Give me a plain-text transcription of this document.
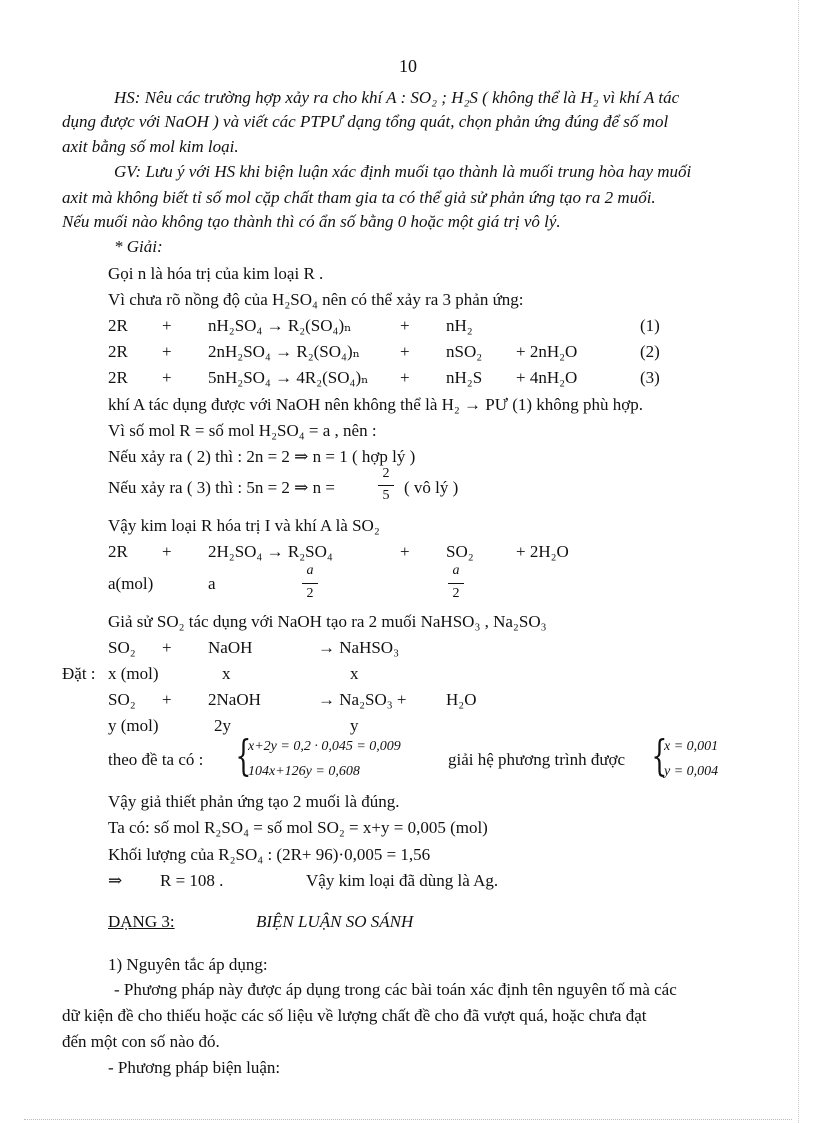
10
HS: Nêu các trường hợp xảy ra cho khí A : SO₂ ; H₂S ( không thể là H₂ vì khí A tác
dụng được với NaOH ) và viết các PTPƯ dạng tổng quát, chọn phản ứng đúng để số mol
axit bằng số mol kim loại.
GV: Lưu ý với HS khi biện luận xác định muối tạo thành là muối trung hòa hay muối
axit mà không biết tỉ số mol cặp chất tham gia ta có thể giả sử phản ứng tạo ra 2 muối.
Nếu muối nào không tạo thành thì có ẩn số bằng 0 hoặc một giá trị vô lý.
* Giải:
Gọi n là hóa trị của kim loại R .
Vì chưa rõ nồng độ của H₂SO₄ nên có thể xảy ra 3 phản ứng:
2R + nH₂SO₄ → R₂(SO₄)ₙ	+ nH₂	(1)
2R + 2nH₂SO₄ → R₂(SO₄)ₙ + nSO₂ + 2nH₂O	(2)
2R + 5nH₂SO₄ → 4R₂(SO₄)ₙ + nH₂S + 4nH₂O	(3)
khí A tác dụng được với NaOH nên không thể là H₂ → PƯ (1) không phù hợp.
Vì số mol R = số mol H₂SO₄ = a , nên :
Nếu xảy ra ( 2) thì : 2n = 2 ⇒ n = 1 ( hợp lý )
Nếu xảy ra ( 3) thì : 5n = 2 ⇒ n =
2
5 ( vô lý )
Vậy kim loại R hóa trị I và khí A là SO₂
2R + 2H₂SO₄ → R₂SO₄	+ SO₂ + 2H₂O
a(mol)	a
a
2
a
2
Giả sử SO₂ tác dụng với NaOH tạo ra 2 muối NaHSO₃ , Na₂SO₃
SO₂ + NaOH	→ NaHSO₃
Đặt : x (mol)	x	x
SO₂ + 2NaOH	→ Na₂SO₃ + H₂O
y (mol)	2y	y
theo đề ta có : {
x+2y = 0,2 · 0,045 = 0,009
104x+126y = 0,608
giải hệ phương trình được {
x = 0,001
y = 0,004
Vậy giả thiết phản ứng tạo 2 muối là đúng.
Ta có: số mol R₂SO₄ = số mol SO₂ = x+y = 0,005 (mol)
Khối lượng của R₂SO₄ : (2R+ 96)·0,005 = 1,56
⇒ R = 108 .	Vậy kim loại đã dùng là Ag.
DẠNG 3:	BIỆN LUẬN SO SÁNH
1) Nguyên tắc áp dụng:
- Phương pháp này được áp dụng trong các bài toán xác định tên nguyên tố mà các
dữ kiện đề cho thiếu hoặc các số liệu về lượng chất đề cho đã vượt quá, hoặc chưa đạt
đến một con số nào đó.
- Phương pháp biện luận:
